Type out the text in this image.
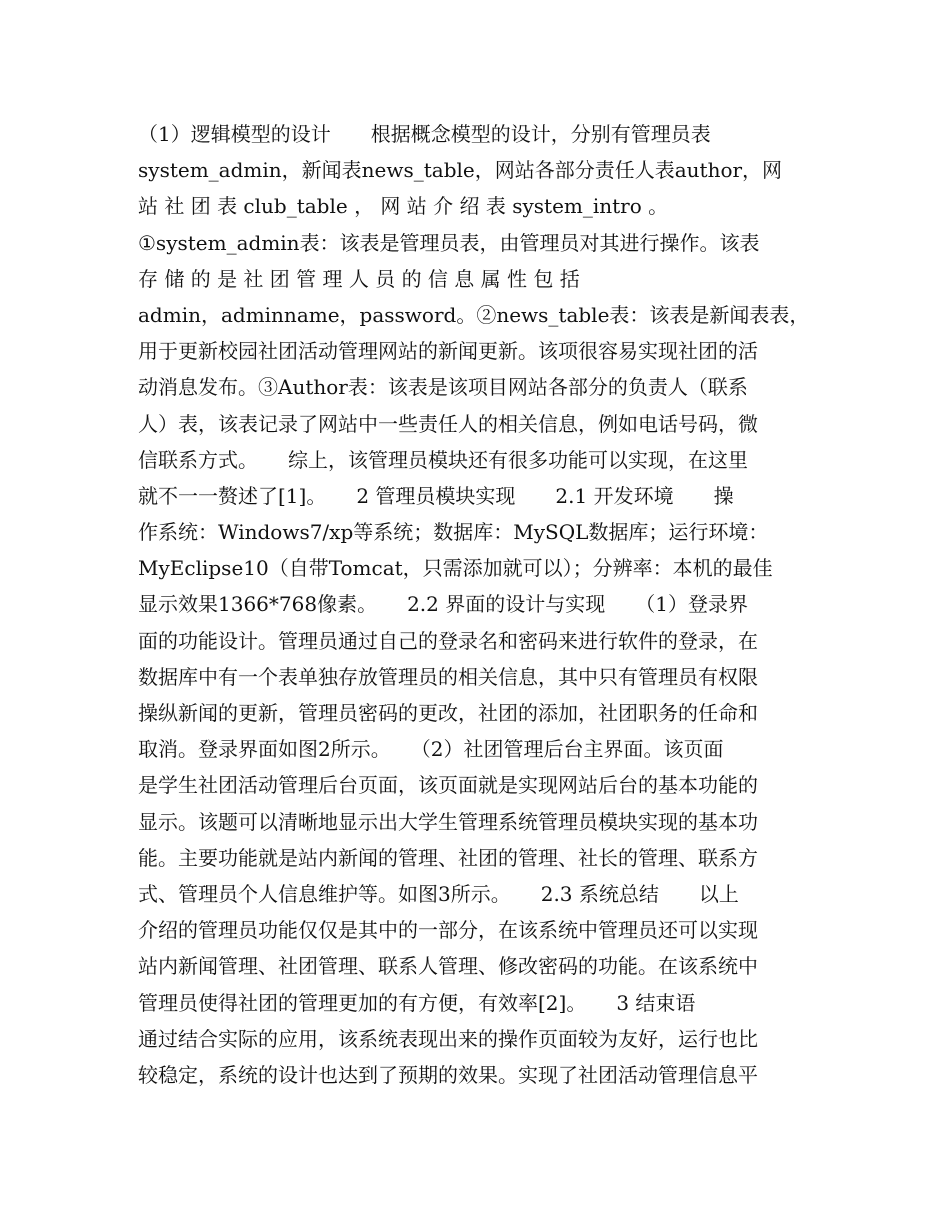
（1）逻辑模型的设计　　根据概念模型的设计，分别有管理员表
system_admin，新闻表news_table，网站各部分责任人表author，网
站 社 团 表 club_table ， 网 站 介 绍 表 system_intro 。
①system_admin表：该表是管理员表，由管理员对其进行操作。该表
存 储 的 是 社 团 管 理 人 员 的 信 息 属 性 包 括
admin，adminname，password。②news_table表：该表是新闻表表，
用于更新校园社团活动管理网站的新闻更新。该项很容易实现社团的活
动消息发布。③Author表：该表是该项目网站各部分的负责人（联系
人）表，该表记录了网站中一些责任人的相关信息，例如电话号码，微
信联系方式。　　综上，该管理员模块还有很多功能可以实现，在这里
就不一一赘述了[1]。　　2 管理员模块实现　　2.1 开发环境　　操
作系统：Windows7/xp等系统；数据库：MySQL数据库；运行环境：
MyEclipse10（自带Tomcat，只需添加就可以）；分辨率：本机的最佳
显示效果1366*768像素。　　2.2 界面的设计与实现　　（1）登录界
面的功能设计。管理员通过自己的登录名和密码来进行软件的登录，在
数据库中有一个表单独存放管理员的相关信息，其中只有管理员有权限
操纵新闻的更新，管理员密码的更改，社团的添加，社团职务的任命和
取消。登录界面如图2所示。　　（2）社团管理后台主界面。该页面
是学生社团活动管理后台页面，该页面就是实现网站后台的基本功能的
显示。该题可以清晰地显示出大学生管理系统管理员模块实现的基本功
能。主要功能就是站内新闻的管理、社团的管理、社长的管理、联系方
式、管理员个人信息维护等。如图3所示。　　2.3 系统总结　　以上
介绍的管理员功能仅仅是其中的一部分，在该系统中管理员还可以实现
站内新闻管理、社团管理、联系人管理、修改密码的功能。在该系统中
管理员使得社团的管理更加的有方便，有效率[2]。　　3 结束语
通过结合实际的应用，该系统表现出来的操作页面较为友好，运行也比
较稳定，系统的设计也达到了预期的效果。实现了社团活动管理信息平
